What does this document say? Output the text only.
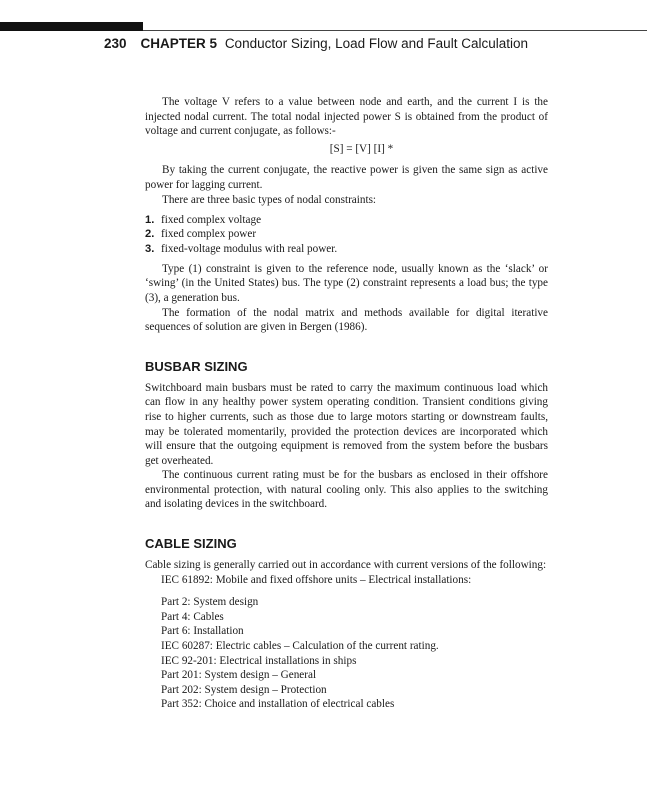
230 CHAPTER 5 Conductor Sizing, Load Flow and Fault Calculation

The voltage V refers to a value between node and earth, and the current I is the injected nodal current. The total nodal injected power S is obtained from the product of voltage and current conjugate, as follows:-

[S] = [V] [I] *

By taking the current conjugate, the reactive power is given the same sign as active power for lagging current.

There are three basic types of nodal constraints:

1. fixed complex voltage
2. fixed complex power
3. fixed-voltage modulus with real power.

Type (1) constraint is given to the reference node, usually known as the ‘slack’ or ‘swing’ (in the United States) bus. The type (2) constraint represents a load bus; the type (3), a generation bus.

The formation of the nodal matrix and methods available for digital iterative sequences of solution are given in Bergen (1986).

BUSBAR SIZING

Switchboard main busbars must be rated to carry the maximum continuous load which can flow in any healthy power system operating condition. Transient conditions giving rise to higher currents, such as those due to large motors starting or downstream faults, may be tolerated momentarily, provided the protection devices are incorporated which will ensure that the outgoing equipment is removed from the system before the busbars get overheated.

The continuous current rating must be for the busbars as enclosed in their offshore environmental protection, with natural cooling only. This also applies to the switching and isolating devices in the switchboard.

CABLE SIZING

Cable sizing is generally carried out in accordance with current versions of the following:

IEC 61892: Mobile and fixed offshore units – Electrical installations:

Part 2: System design
Part 4: Cables
Part 6: Installation
IEC 60287: Electric cables – Calculation of the current rating.
IEC 92-201: Electrical installations in ships
Part 201: System design – General
Part 202: System design – Protection
Part 352: Choice and installation of electrical cables
